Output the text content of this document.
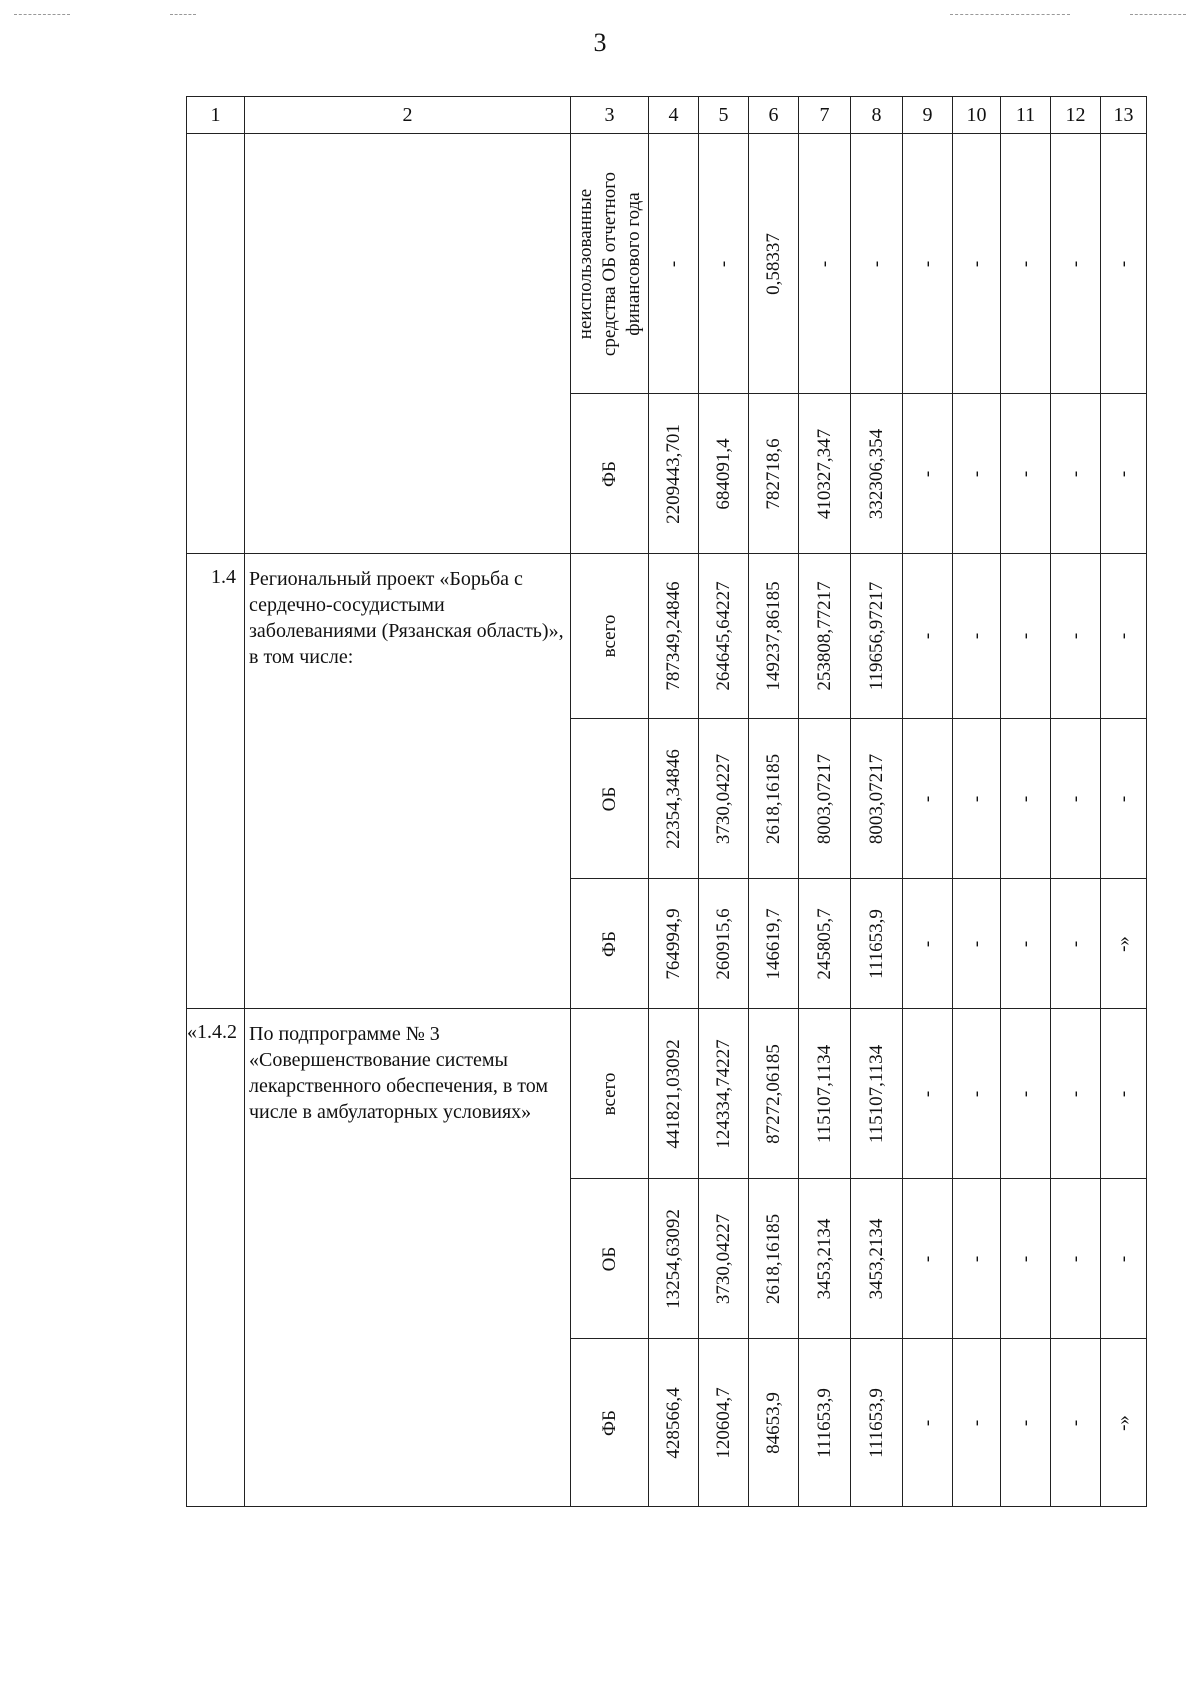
3
1	2	3	4	5	6	7	8	9	10	11	12	13

		неиспользованные средства ОБ отчетного финансового года	-	-	0,58337	-	-	-	-	-	-	-

		ФБ	2209443,701	684091,4	782718,6	410327,347	332306,354	-	-	-	-	-

1.4	Региональный проект «Борьба с сердечно-сосудистыми заболеваниями (Рязанская область)», в том числе:	всего	787349,24846	264645,64227	149237,86185	253808,77217	119656,97217	-	-	-	-	-

		ОБ	22354,34846	3730,04227	2618,16185	8003,07217	8003,07217	-	-	-	-	-

		ФБ	764994,9	260915,6	146619,7	245805,7	111653,9	-	-	-	-	-»

«1.4.2	По подпрограмме № 3 «Совершенствование системы лекарственного обеспечения, в том числе в амбулаторных условиях»	всего	441821,03092	124334,74227	87272,06185	115107,1134	115107,1134	-	-	-	-	-

		ОБ	13254,63092	3730,04227	2618,16185	3453,2134	3453,2134	-	-	-	-	-

		ФБ	428566,4	120604,7	84653,9	111653,9	111653,9	-	-	-	-	-»
